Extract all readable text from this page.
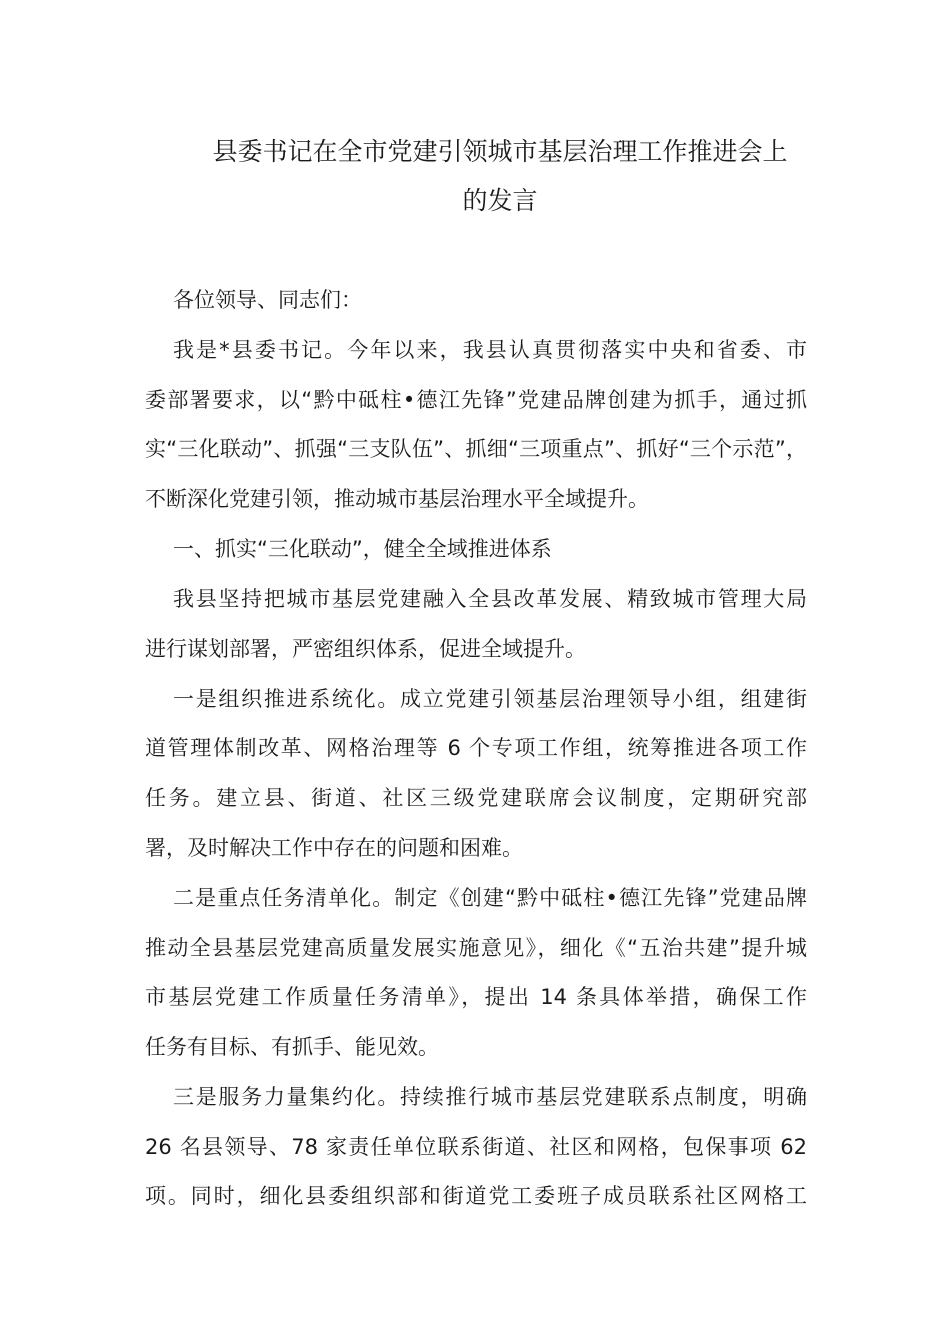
县委书记在全市党建引领城市基层治理工作推进会上
的发言
各位领导、同志们：
我是*县委书记。今年以来，我县认真贯彻落实中央和省委、市
委部署要求，以“黔中砥柱•德江先锋”党建品牌创建为抓手，通过抓
实“三化联动”、抓强“三支队伍”、抓细“三项重点”、抓好“三个示范”，
不断深化党建引领，推动城市基层治理水平全域提升。
一、抓实“三化联动”，健全全域推进体系
我县坚持把城市基层党建融入全县改革发展、精致城市管理大局
进行谋划部署，严密组织体系，促进全域提升。
一是组织推进系统化。成立党建引领基层治理领导小组，组建街
道管理体制改革、网格治理等 6 个专项工作组，统筹推进各项工作
任务。建立县、街道、社区三级党建联席会议制度，定期研究部
署，及时解决工作中存在的问题和困难。
二是重点任务清单化。制定《创建“黔中砥柱•德江先锋”党建品牌
推动全县基层党建高质量发展实施意见》，细化《“五治共建”提升城
市基层党建工作质量任务清单》，提出 14 条具体举措，确保工作
任务有目标、有抓手、能见效。
三是服务力量集约化。持续推行城市基层党建联系点制度，明确
26 名县领导、78 家责任单位联系街道、社区和网格，包保事项 62
项。同时，细化县委组织部和街道党工委班子成员联系社区网格工
